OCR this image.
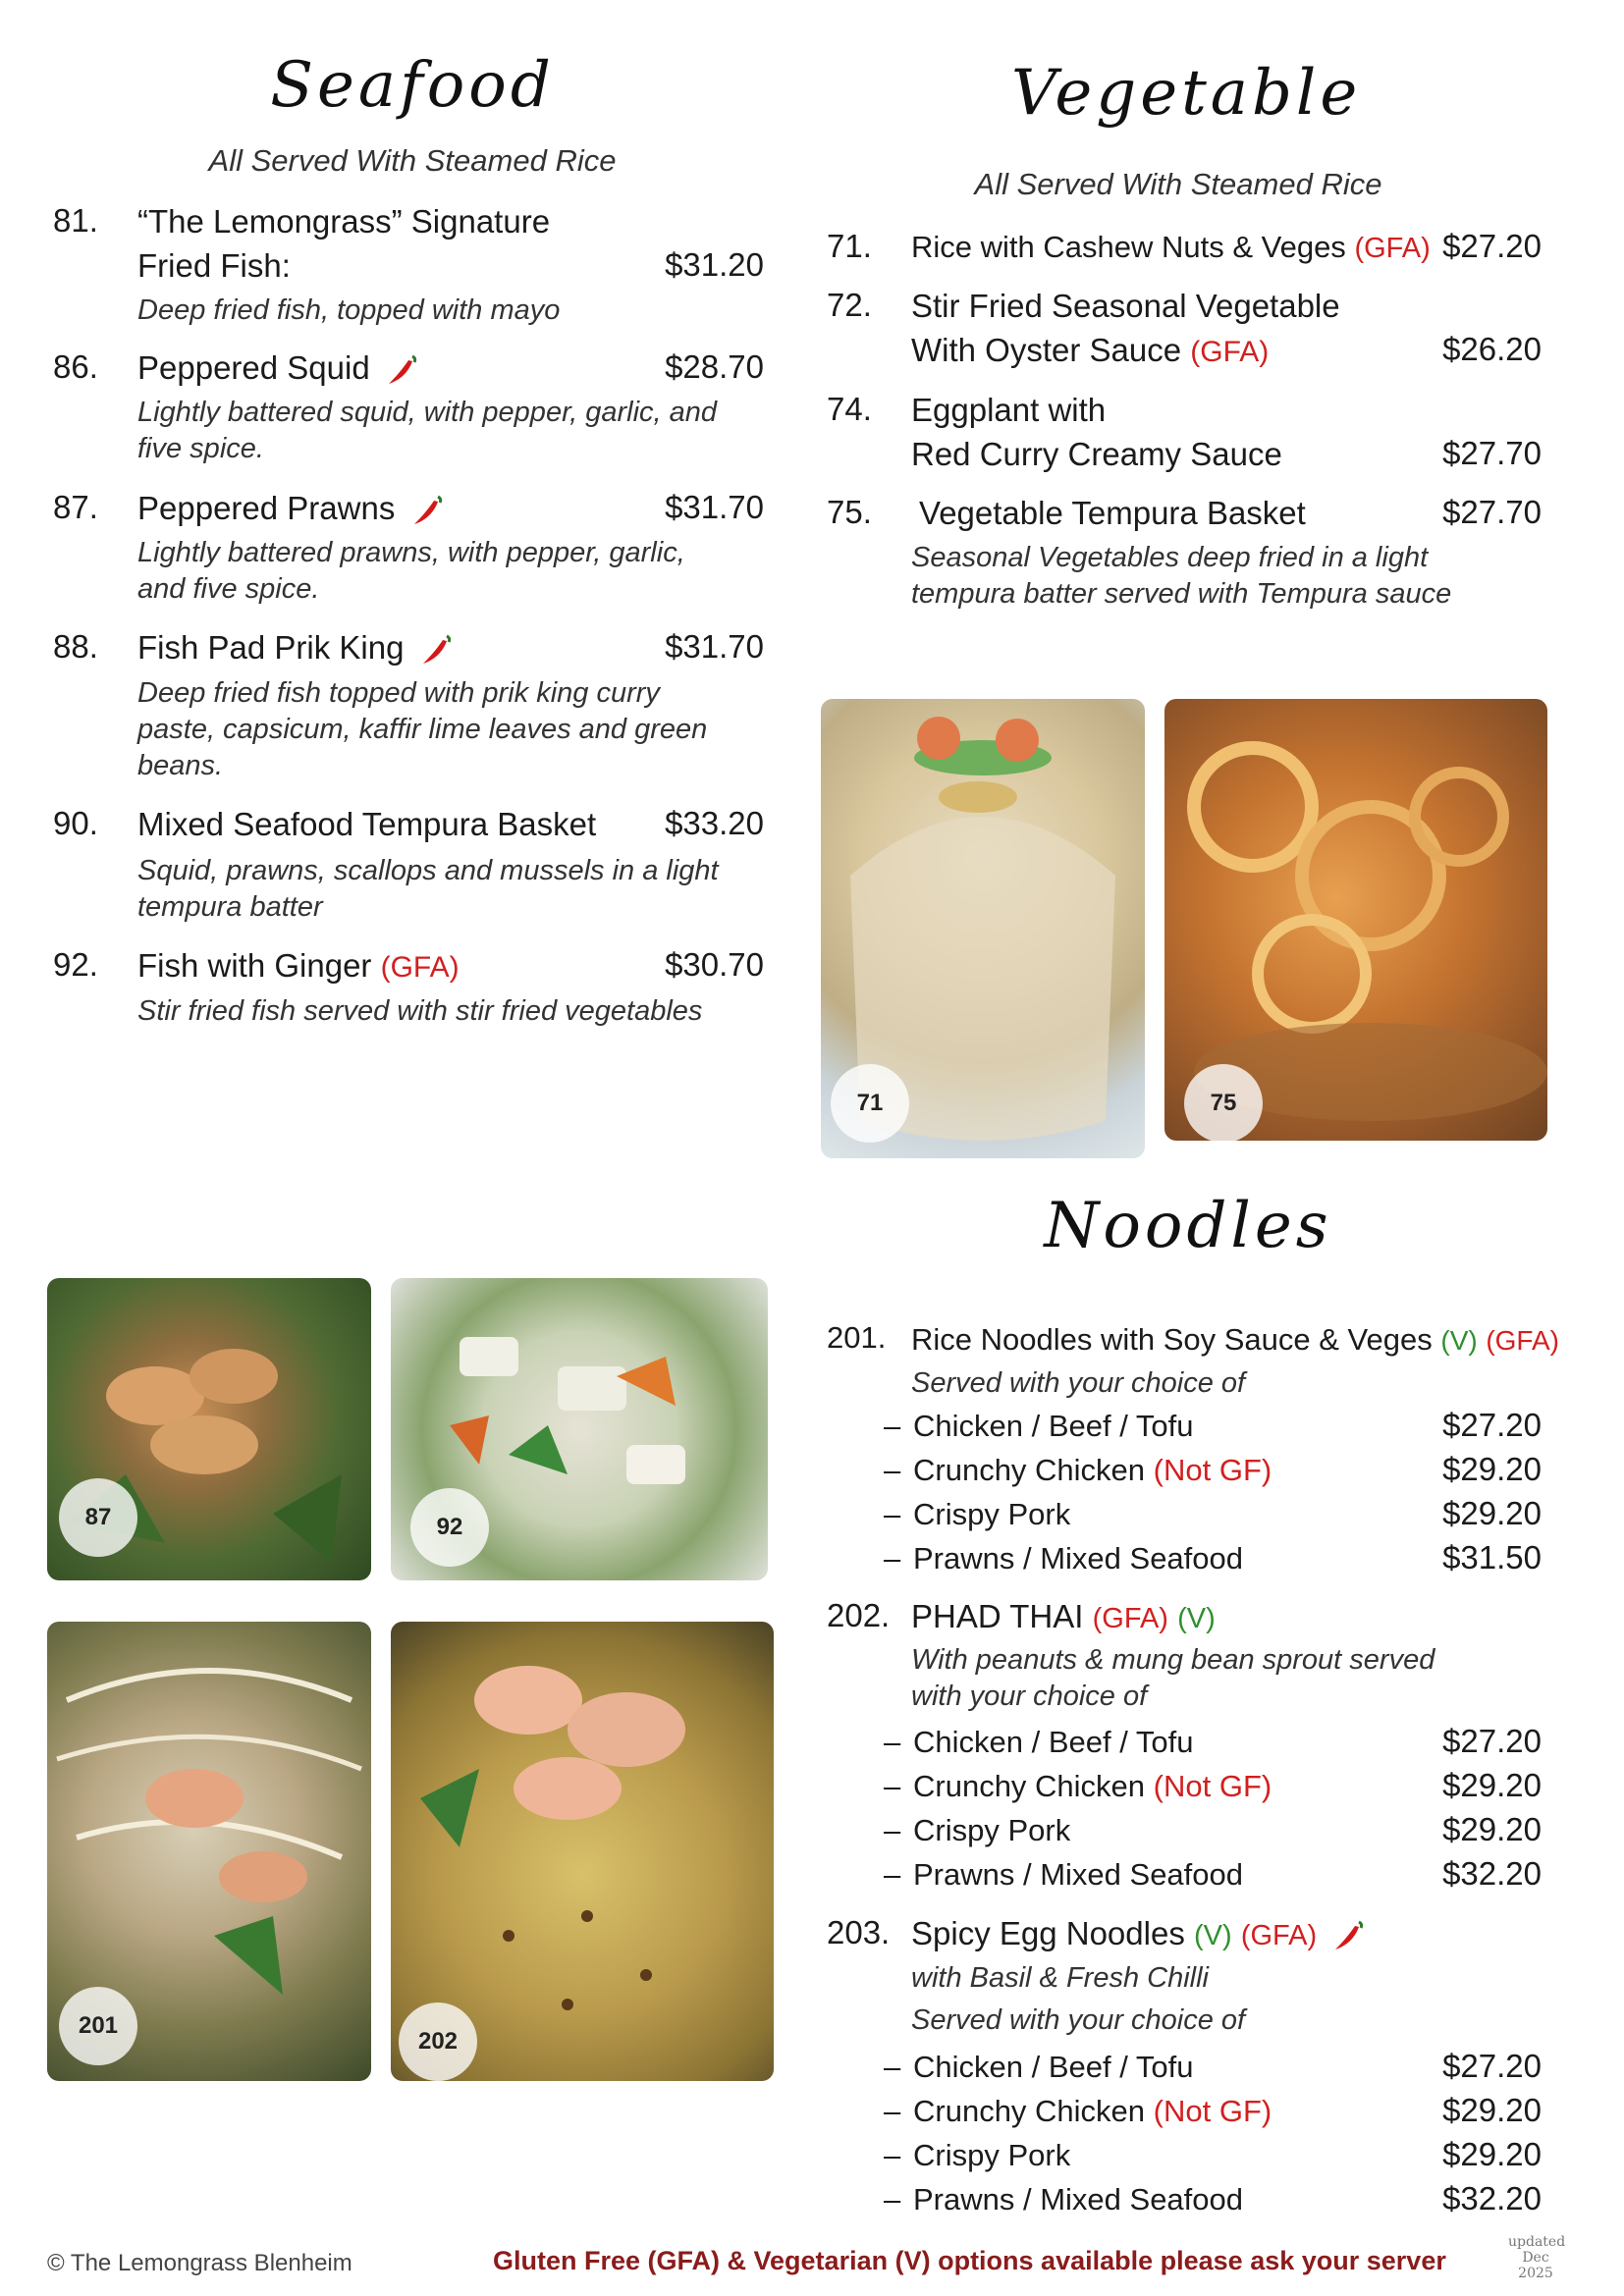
Seafood
All Served With Steamed Rice
81. “The Lemongrass” Signature
Fried Fish:	$31.20
Deep fried fish, topped with mayo
86. Peppered Squid	$28.70
Lightly battered squid, with pepper, garlic, and
five spice.
87. Peppered Prawns	$31.70
Lightly battered prawns, with pepper, garlic,
and five spice.
88. Fish Pad Prik King	$31.70
Deep fried fish topped with prik king curry
paste, capsicum, kaffir lime leaves and green
beans.
90. Mixed Seafood Tempura Basket	$33.20
Squid, prawns, scallops and mussels in a light
tempura batter
92. Fish with Ginger (GFA)	$30.70
Stir fried fish served with stir fried vegetables
Vegetable
All Served With Steamed Rice
71. Rice with Cashew Nuts & Veges (GFA) $27.20
72. Stir Fried Seasonal Vegetable
With Oyster Sauce (GFA)	$26.20
74. Eggplant with
Red Curry Creamy Sauce	$27.70
75. Vegetable Tempura Basket	$27.70
Seasonal Vegetables deep fried in a light
tempura batter served with Tempura sauce
71	75
Noodles
201. Rice Noodles with Soy Sauce & Veges (V) (GFA)
Served with your choice of
– Chicken / Beef / Tofu	$27.20
– Crunchy Chicken (Not GF)	$29.20
– Crispy Pork	$29.20
– Prawns / Mixed Seafood	$31.50
202. PHAD THAI (GFA) (V)
With peanuts & mung bean sprout served
with your choice of
– Chicken / Beef / Tofu	$27.20
– Crunchy Chicken (Not GF)	$29.20
– Crispy Pork	$29.20
– Prawns / Mixed Seafood	$32.20
203. Spicy Egg Noodles (V) (GFA)
with Basil & Fresh Chilli
Served with your choice of
– Chicken / Beef / Tofu	$27.20
– Crunchy Chicken (Not GF)	$29.20
– Crispy Pork	$29.20
– Prawns / Mixed Seafood	$32.20
87	92
201
202
© The Lemongrass Blenheim	Gluten Free (GFA) & Vegetarian (V) options available please ask your server
updated
Dec
2025
